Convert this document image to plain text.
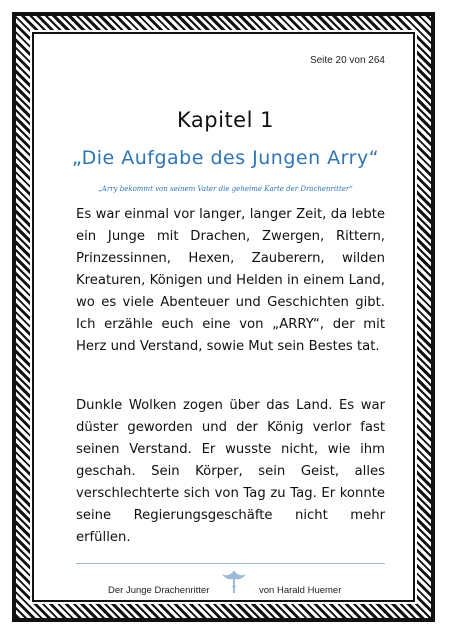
Seite 20 von 264
Kapitel 1
„Die Aufgabe des Jungen Arry“
„Arry bekommt von seinem Vater die geheime Karte der Drachenritter“
Es war einmal vor langer, langer Zeit, da lebte ein Junge mit Drachen, Zwergen, Rittern, Prinzessinnen, Hexen, Zauberern, wilden Kreaturen, Königen und Helden in einem Land, wo es viele Abenteuer und Geschichten gibt. Ich erzähle euch eine von „ARRY“, der mit Herz und Verstand, sowie Mut sein Bestes tat.
Dunkle Wolken zogen über das Land. Es war düster geworden und der König verlor fast seinen Verstand. Er wusste nicht, wie ihm geschah. Sein Körper, sein Geist, alles verschlechterte sich von Tag zu Tag. Er konnte seine Regierungsgeschäfte nicht mehr erfüllen.
Der Junge Drachenritter	von Harald Huemer
